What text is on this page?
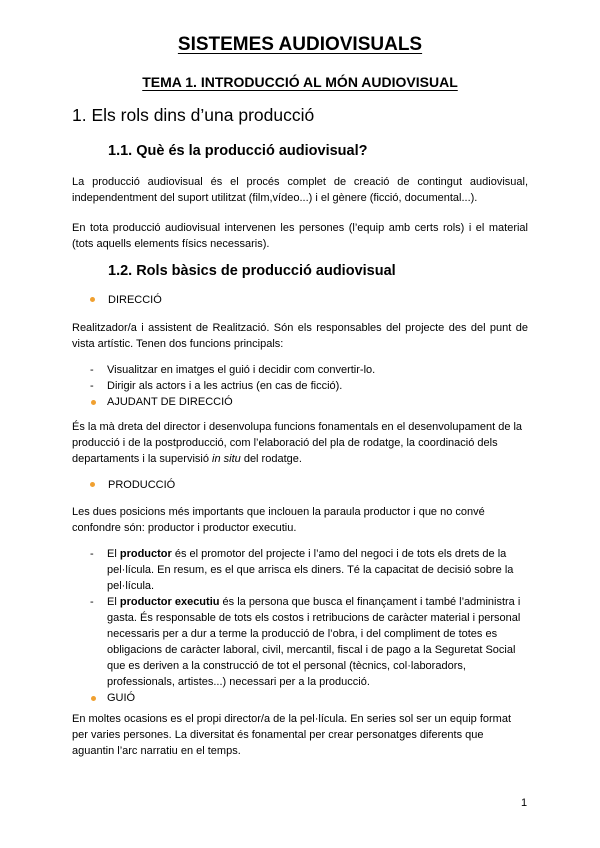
SISTEMES AUDIOVISUALS
TEMA 1. INTRODUCCIÓ AL MÓN AUDIOVISUAL
1. Els rols dins d’una producció
1.1. Què és la producció audiovisual?
La producció audiovisual és el procés complet de creació de contingut audiovisual, independentment del suport utilitzat (film,vídeo...) i el gènere (ficció, documental...).
En tota producció audiovisual intervenen les persones (l’equip amb certs rols) i el material (tots aquells elements físics necessaris).
1.2. Rols bàsics de producció audiovisual
DIRECCIÓ
Realitzador/a i assistent de Realització. Són els responsables del projecte des del punt de vista artístic. Tenen dos funcions principals:
- Visualitzar en imatges el guió i decidir com convertir-lo.
- Dirigir als actors i a les actrius (en cas de ficció).
AJUDANT DE DIRECCIÓ
És la mà dreta del director i desenvolupa funcions fonamentals en el desenvolupament de la producció i de la postproducció, com l’elaboració del pla de rodatge, la coordinació dels departaments i la supervisió in situ del rodatge.
PRODUCCIÓ
Les dues posicions més importants que inclouen la paraula productor i que no convé confondre són: productor i productor executiu.
- El productor és el promotor del projecte i l’amo del negoci i de tots els drets de la pel·lícula. En resum, es el que arrisca els diners. Té la capacitat de decisió sobre la pel·lícula.
- El productor executiu és la persona que busca el finançament i també l’administra i gasta. És responsable de tots els costos i retribucions de caràcter material i personal necessaris per a dur a terme la producció de l’obra, i del compliment de totes es obligacions de caràcter laboral, civil, mercantil, fiscal i de pago a la Seguretat Social que es deriven a la construcció de tot el personal (tècnics, col·laboradors, professionals, artistes...) necessari per a la producció.
GUIÓ
En moltes ocasions es el propi director/a de la pel·lícula. En series sol ser un equip format per varies persones. La diversitat és fonamental per crear personatges diferents que aguantin l’arc narratiu en el temps.
1
